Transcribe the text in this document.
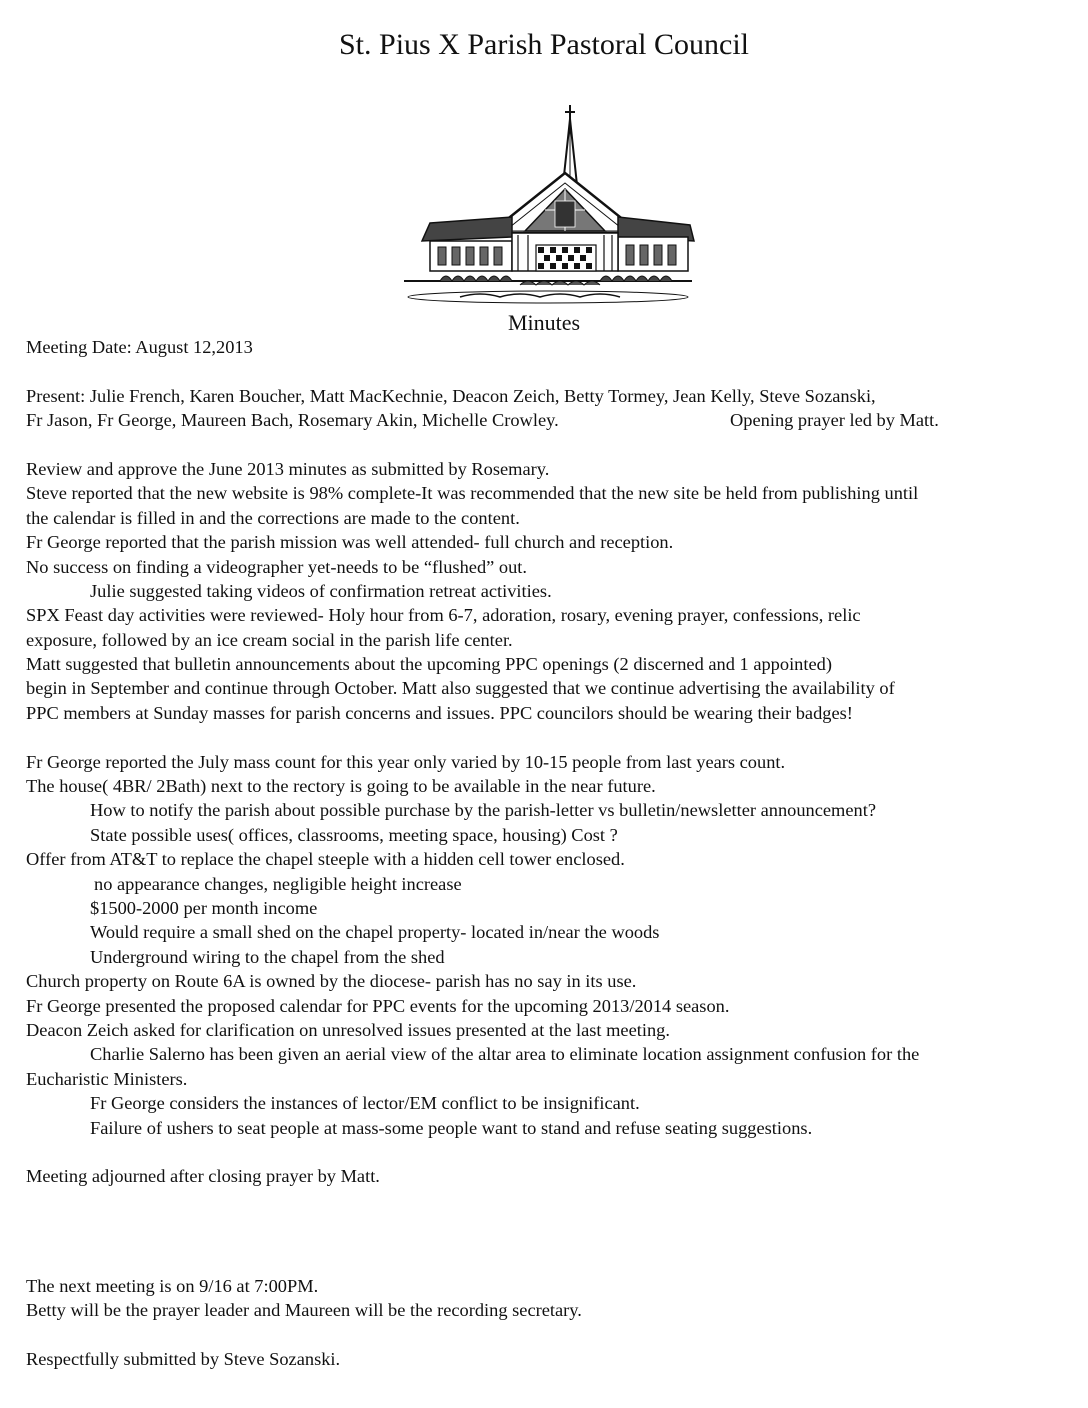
St. Pius X Parish Pastoral Council
Minutes
Meeting Date: August 12,2013
Present: Julie French, Karen Boucher, Matt MacKechnie, Deacon Zeich, Betty Tormey, Jean Kelly, Steve Sozanski,
Fr Jason, Fr George, Maureen Bach, Rosemary Akin, Michelle Crowley.	Opening prayer led by Matt.
Review and approve the June 2013 minutes as submitted by Rosemary.
Steve reported that the new website is 98% complete-It was recommended that the new site be held from publishing until
the calendar is filled in and the corrections are made to the content.
Fr George reported that the parish mission was well attended- full church and reception.
No success on finding a videographer yet-needs to be “flushed” out.
Julie suggested taking videos of confirmation retreat activities.
SPX Feast day activities were reviewed- Holy hour from 6-7, adoration, rosary, evening prayer, confessions, relic
exposure, followed by an ice cream social in the parish life center.
Matt suggested that bulletin announcements about the upcoming PPC openings (2 discerned and 1 appointed)
begin in September and continue through October. Matt also suggested that we continue advertising the availability of
PPC members at Sunday masses for parish concerns and issues. PPC councilors should be wearing their badges!
Fr George reported the July mass count for this year only varied by 10-15 people from last years count.
The house( 4BR/ 2Bath) next to the rectory is going to be available in the near future.
How to notify the parish about possible purchase by the parish-letter vs bulletin/newsletter announcement?
State possible uses( offices, classrooms, meeting space, housing) Cost ?
Offer from AT&T to replace the chapel steeple with a hidden cell tower enclosed.
no appearance changes, negligible height increase
$1500-2000 per month income
Would require a small shed on the chapel property- located in/near the woods
Underground wiring to the chapel from the shed
Church property on Route 6A is owned by the diocese- parish has no say in its use.
Fr George presented the proposed calendar for PPC events for the upcoming 2013/2014 season.
Deacon Zeich asked for clarification on unresolved issues presented at the last meeting.
Charlie Salerno has been given an aerial view of the altar area to eliminate location assignment confusion for the
Eucharistic Ministers.
Fr George considers the instances of lector/EM conflict to be insignificant.
Failure of ushers to seat people at mass-some people want to stand and refuse seating suggestions.
Meeting adjourned after closing prayer by Matt.
The next meeting is on 9/16 at 7:00PM.
Betty will be the prayer leader and Maureen will be the recording secretary.
Respectfully submitted by Steve Sozanski.
